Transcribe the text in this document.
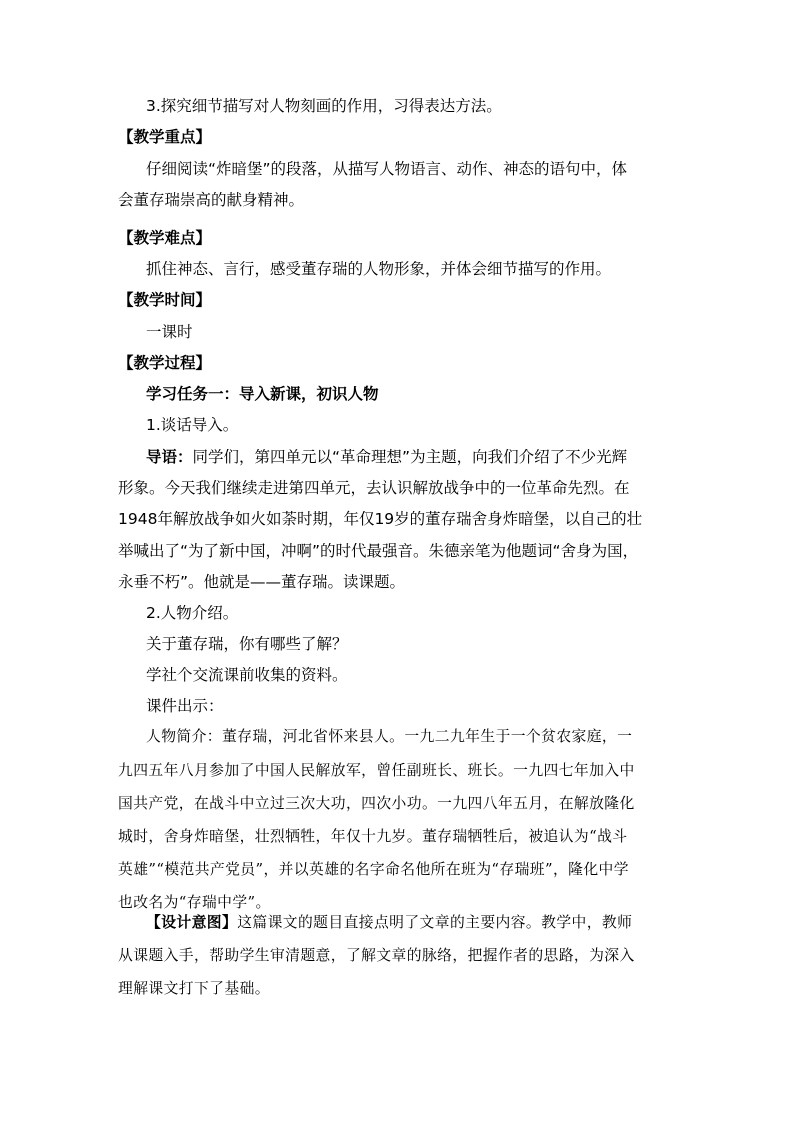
3.探究细节描写对人物刻画的作用，习得表达方法。
【教学重点】
仔细阅读“炸暗堡”的段落，从描写人物语言、动作、神态的语句中，体
会董存瑞崇高的献身精神。
【教学难点】
抓住神态、言行，感受董存瑞的人物形象，并体会细节描写的作用。
【教学时间】
一课时
【教学过程】
学习任务一：导入新课，初识人物
1.谈话导入。
导语：同学们，第四单元以“革命理想”为主题，向我们介绍了不少光辉
形象。今天我们继续走进第四单元，去认识解放战争中的一位革命先烈。在
1948年解放战争如火如荼时期，年仅19岁的董存瑞舍身炸暗堡，以自己的壮
举喊出了“为了新中国，冲啊”的时代最强音。朱德亲笔为他题词“舍身为国，
永垂不朽”。他就是——董存瑞。读课题。
2.人物介绍。
关于董存瑞，你有哪些了解？
学社个交流课前收集的资料。
课件出示：
人物简介：董存瑞，河北省怀来县人。一九二九年生于一个贫农家庭，一
九四五年八月参加了中国人民解放军，曾任副班长、班长。一九四七年加入中
国共产党，在战斗中立过三次大功，四次小功。一九四八年五月，在解放隆化
城时，舍身炸暗堡，壮烈牺牲，年仅十九岁。董存瑞牺牲后，被追认为“战斗
英雄”“模范共产党员”，并以英雄的名字命名他所在班为“存瑞班”，隆化中学
也改名为“存瑞中学”。
【设计意图】这篇课文的题目直接点明了文章的主要内容。教学中，教师
从课题入手，帮助学生审清题意，了解文章的脉络，把握作者的思路，为深入
理解课文打下了基础。
